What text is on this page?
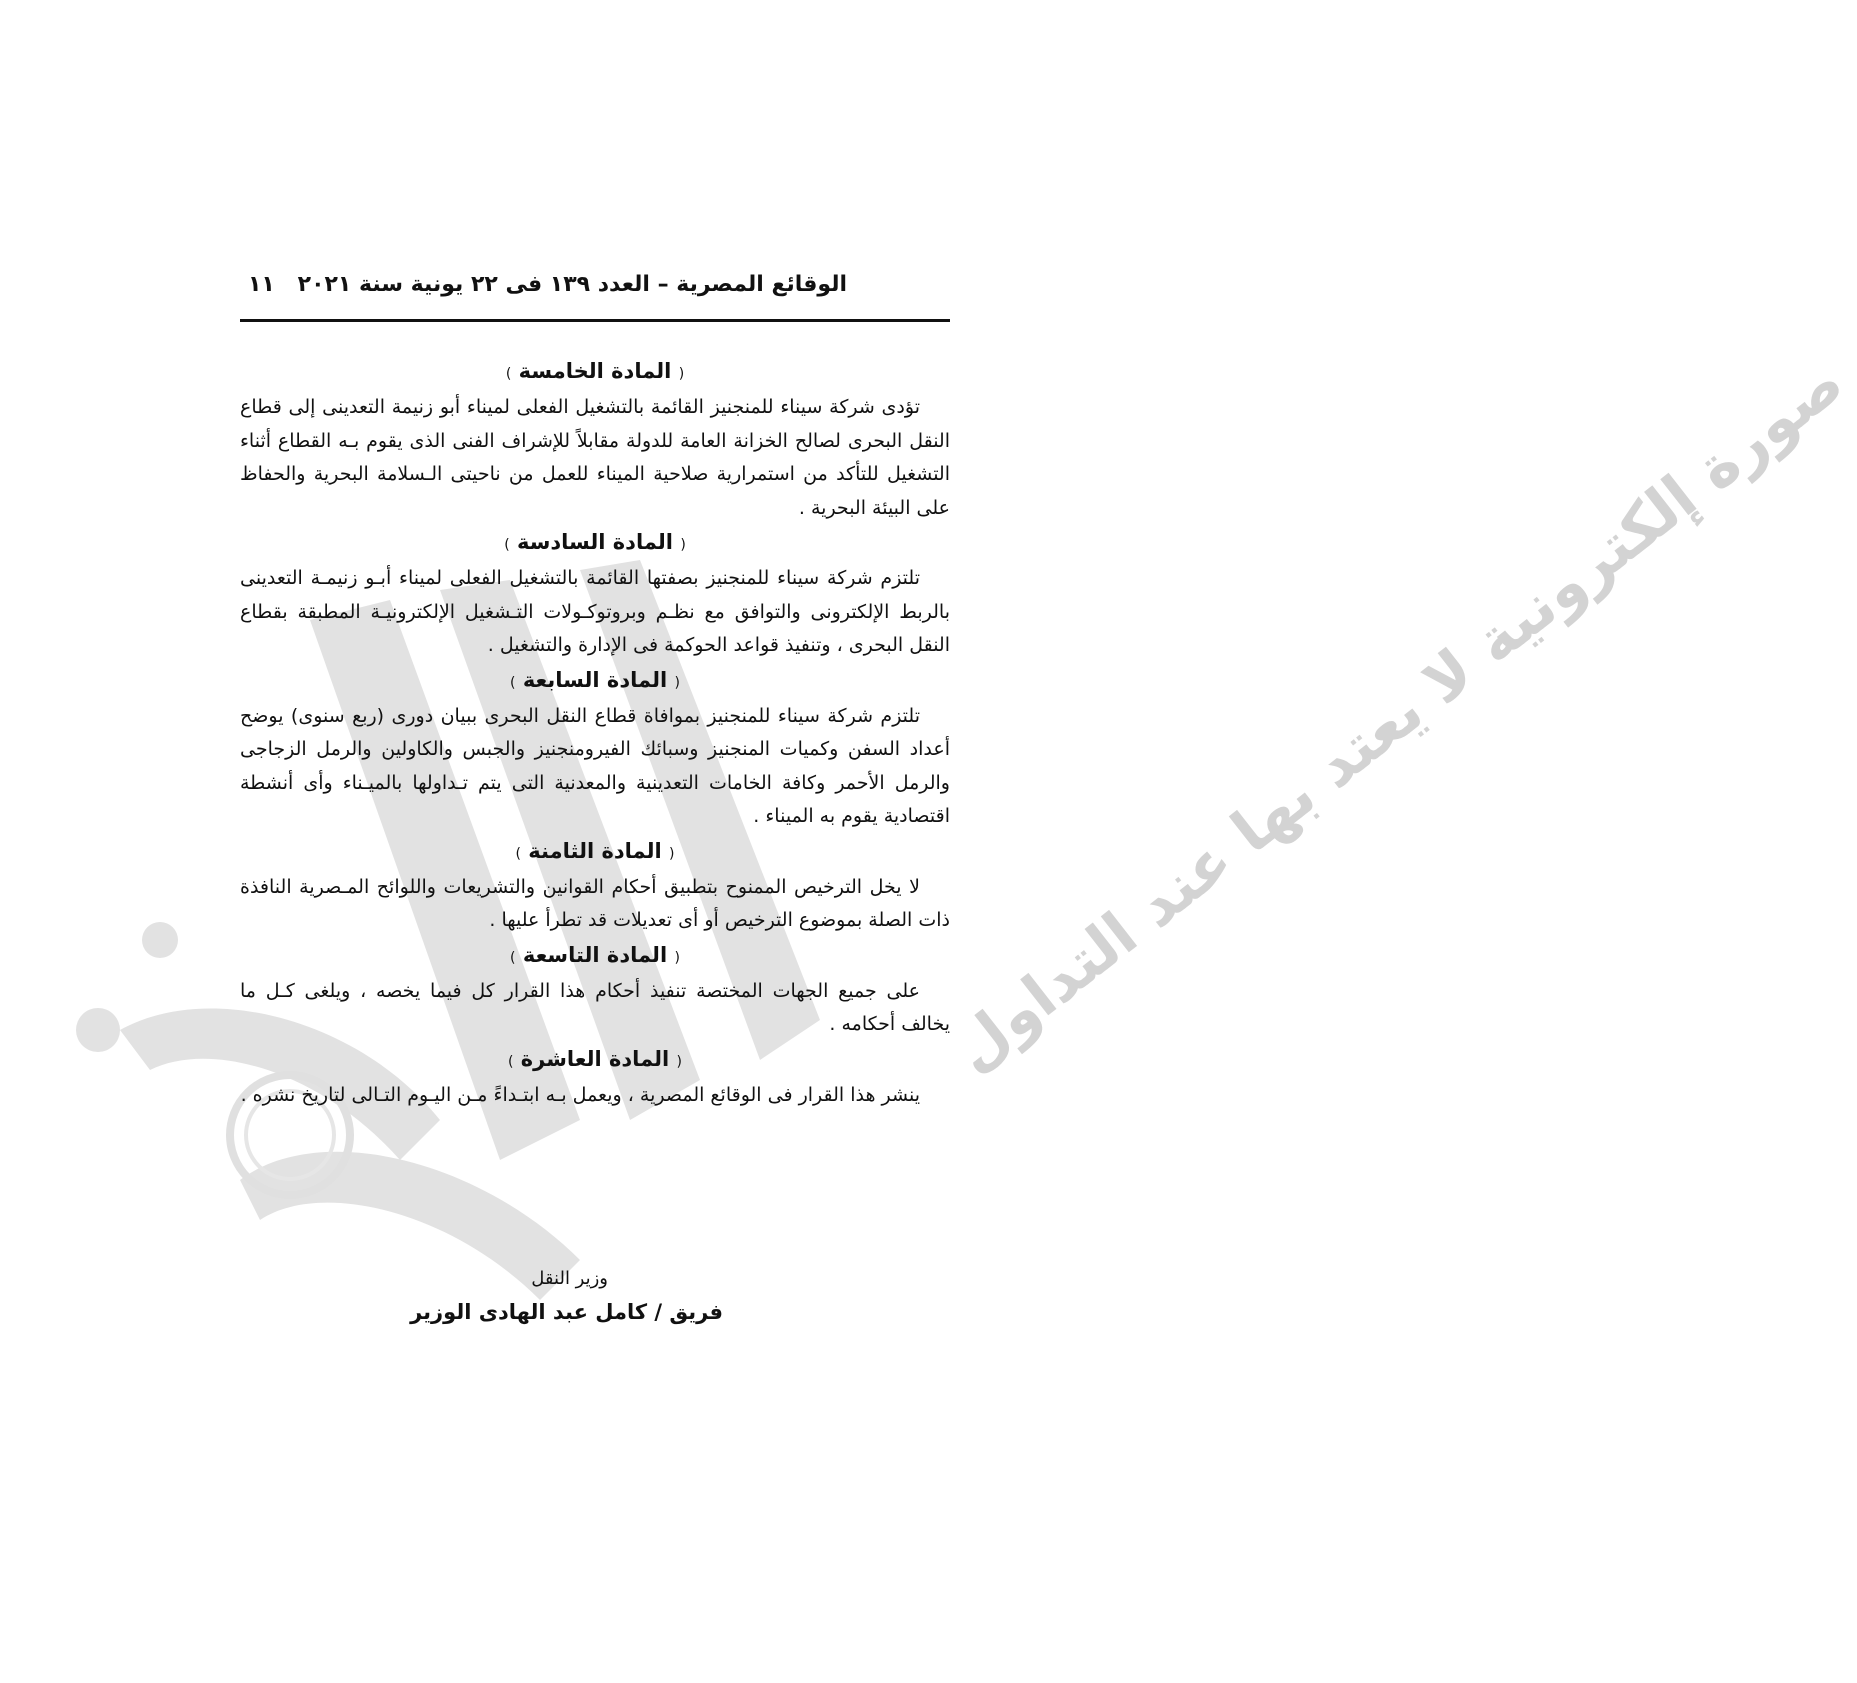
صورة إلكترونية لا يعتد بها عند التداول
الوقائع المصرية – العدد ١٣٩ فى ٢٢ يونية سنة ٢٠٢١
١١

( المادة الخامسة )

تؤدى شركة سيناء للمنجنيز القائمة بالتشغيل الفعلى لميناء أبو زنيمة التعدينى إلى قطاع النقل البحرى لصالح الخزانة العامة للدولة مقابلاً للإشراف الفنى الذى يقوم بـه القطاع أثناء التشغيل للتأكد من استمرارية صلاحية الميناء للعمل من ناحيتى الـسلامة البحرية والحفاظ على البيئة البحرية .

( المادة السادسة )

تلتزم شركة سيناء للمنجنيز بصفتها القائمة بالتشغيل الفعلى لميناء أبـو زنيمـة التعدينى بالربط الإلكترونى والتوافق مع نظـم وبروتوكـولات التـشغيل الإلكترونيـة المطبقة بقطاع النقل البحرى ، وتنفيذ قواعد الحوكمة فى الإدارة والتشغيل .

( المادة السابعة )

تلتزم شركة سيناء للمنجنيز بموافاة قطاع النقل البحرى ببيان دورى (ربع سنوى) يوضح أعداد السفن وكميات المنجنيز وسبائك الفيرومنجنيز والجبس والكاولين والرمل الزجاجى والرمل الأحمر وكافة الخامات التعدينية والمعدنية التى يتم تـداولها بالميـناء وأى أنشطة اقتصادية يقوم به الميناء .

( المادة الثامنة )

لا يخل الترخيص الممنوح بتطبيق أحكام القوانين والتشريعات واللوائح المـصرية النافذة ذات الصلة بموضوع الترخيص أو أى تعديلات قد تطرأ عليها .

( المادة التاسعة )

على جميع الجهات المختصة تنفيذ أحكام هذا القرار كل فيما يخصه ، ويلغى كـل ما يخالف أحكامه .

( المادة العاشرة )

ينشر هذا القرار فى الوقائع المصرية ، ويعمل بـه ابتـداءً مـن اليـوم التـالى لتاريخ نشره .

وزير النقل
فريق / كامل عبد الهادى الوزير
